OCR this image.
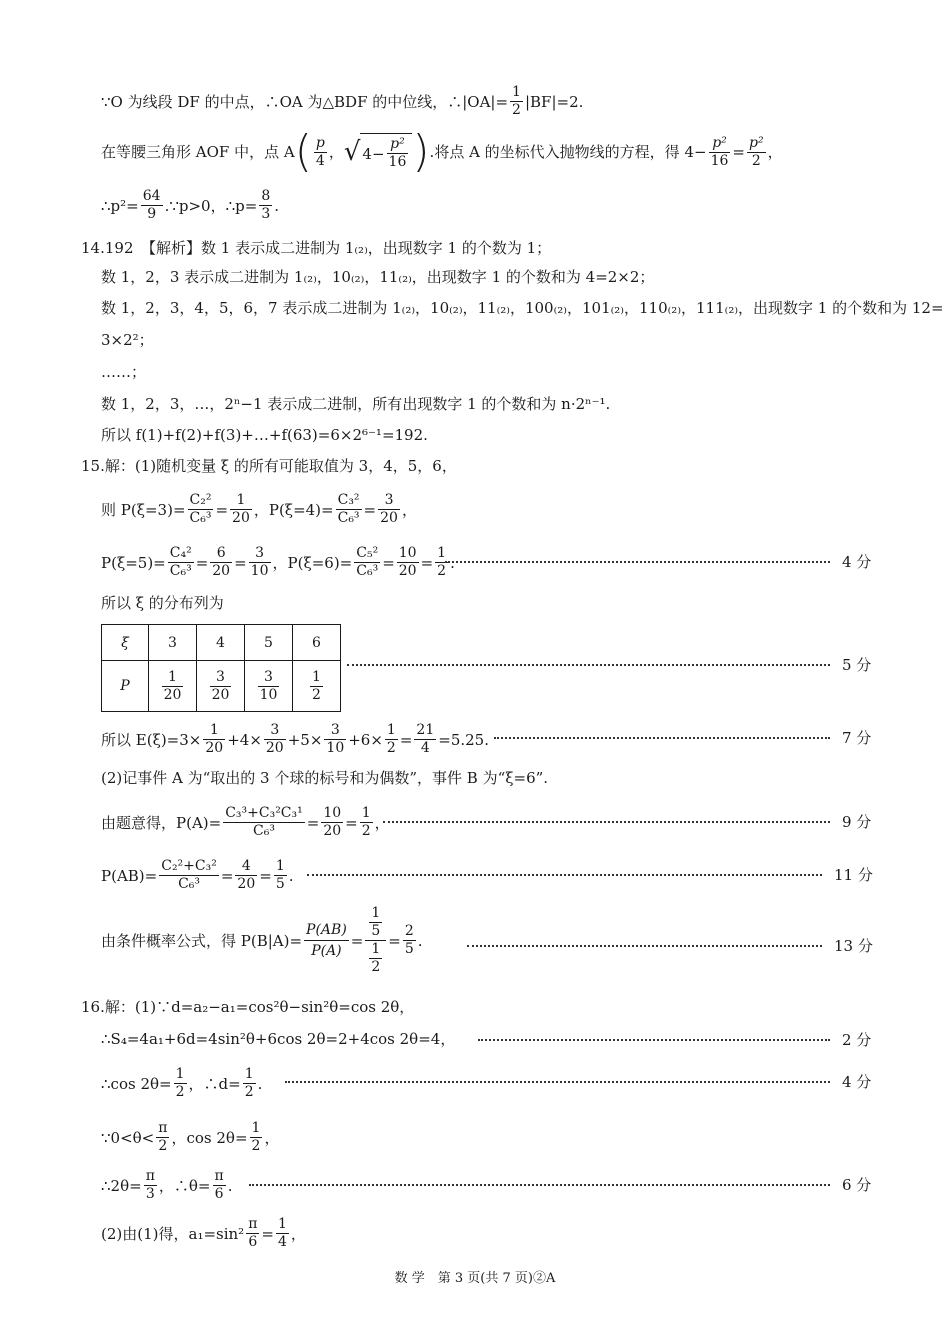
∵O 为线段 DF 的中点，∴OA 为△BDF 的中位线，∴|OA|= $\frac{1}{2} |BF|=2$.
在等腰三角形 AOF 中，点 A ( $\frac{p}{4}$ ， √ $4- \frac{\text{p²}}{16}$ ) .将点 A 的坐标代入抛物线的方程，得 $4- \frac{\text{p²}}{16} = \frac{\text{p²}}{2}$ ，
∴p²= $\frac{64}{9}$ .∵p>0，∴p= $\frac{8}{3}$ .
14.192　【解析】数 1 表示成二进制为 1₍₂₎，出现数字 1 的个数为 1；
数 1，2，3 表示成二进制为 1₍₂₎，10₍₂₎，11₍₂₎，出现数字 1 的个数和为 4=2×2；
数 1，2，3，4，5，6，7 表示成二进制为 1₍₂₎，10₍₂₎，11₍₂₎，100₍₂₎，101₍₂₎，110₍₂₎，111₍₂₎，出现数字 1 的个数和为 12=
3×2²；
……；
数 1，2，3，…，2ⁿ−1 表示成二进制，所有出现数字 1 的个数和为 n·2ⁿ⁻¹.
所以 f(1)+f(2)+f(3)+…+f(63)=6×2⁶⁻¹=192.
15.解：(1)随机变量 ξ 的所有可能取值为 3，4，5，6，
则 $P(\xi=3)= \frac{\text{C₂²}}{\text{C₆³}} = \frac{1}{20}$ ，$P(\xi=4)= \frac{\text{C₃²}}{\text{C₆³}} = \frac{3}{20}$ ，
$P(\xi=5)= \frac{\text{C₄²}}{\text{C₆³}} = \frac{6}{20} = \frac{3}{10}$ ，$P(\xi=6)= \frac{\text{C₅²}}{\text{C₆³}} = \frac{10}{20} = \frac{1}{2}$ .	4 分
所以 ξ 的分布列为
ξ	3	4	5	6
P	$\frac{1}{20}$	$\frac{3}{20}$	$\frac{3}{10}$	$\frac{1}{2}$
5 分
所以 $E(\xi)=3\times \frac{1}{20} +4\times \frac{3}{20} +5\times \frac{3}{10} +6\times \frac{1}{2} = \frac{21}{4} =5.25$.	7 分
(2)记事件 A 为“取出的 3 个球的标号和为偶数”，事件 B 为“ξ=6”.
由题意得，$P(A)= \frac{\text{C₃³+C₃²C₃¹}}{\text{C₆³}} = \frac{10}{20} = \frac{1}{2}$ ，	9 分
$P(AB)= \frac{\text{C₂²+C₃²}}{\text{C₆³}} = \frac{4}{20} = \frac{1}{5}$ .	11 分
由条件概率公式，得 $P(B|A)= \frac{P(AB)}{P(A)} = \frac{\frac{1}{5}}{\frac{1}{2}} = \frac{2}{5}$ .	13 分
16.解：(1)∵d=a₂−a₁=cos²θ−sin²θ=cos 2θ，
∴S₄=4a₁+6d=4sin²θ+6cos 2θ=2+4cos 2θ=4，	2 分
∴cos $2\theta= \frac{1}{2}$ ，∴d= $\frac{1}{2}$ .	4 分
∵0<θ< $\frac{\pi}{2}$ ，$\cos 2\theta= \frac{1}{2}$ ，
∴2θ= $\frac{\pi}{3}$ ，∴θ= $\frac{\pi}{6}$ .	6 分
(2)由(1)得，$a_1=\sin^2 \frac{\pi}{6} = \frac{1}{4}$ ，
数 学　第 3 页(共 7 页)②A
